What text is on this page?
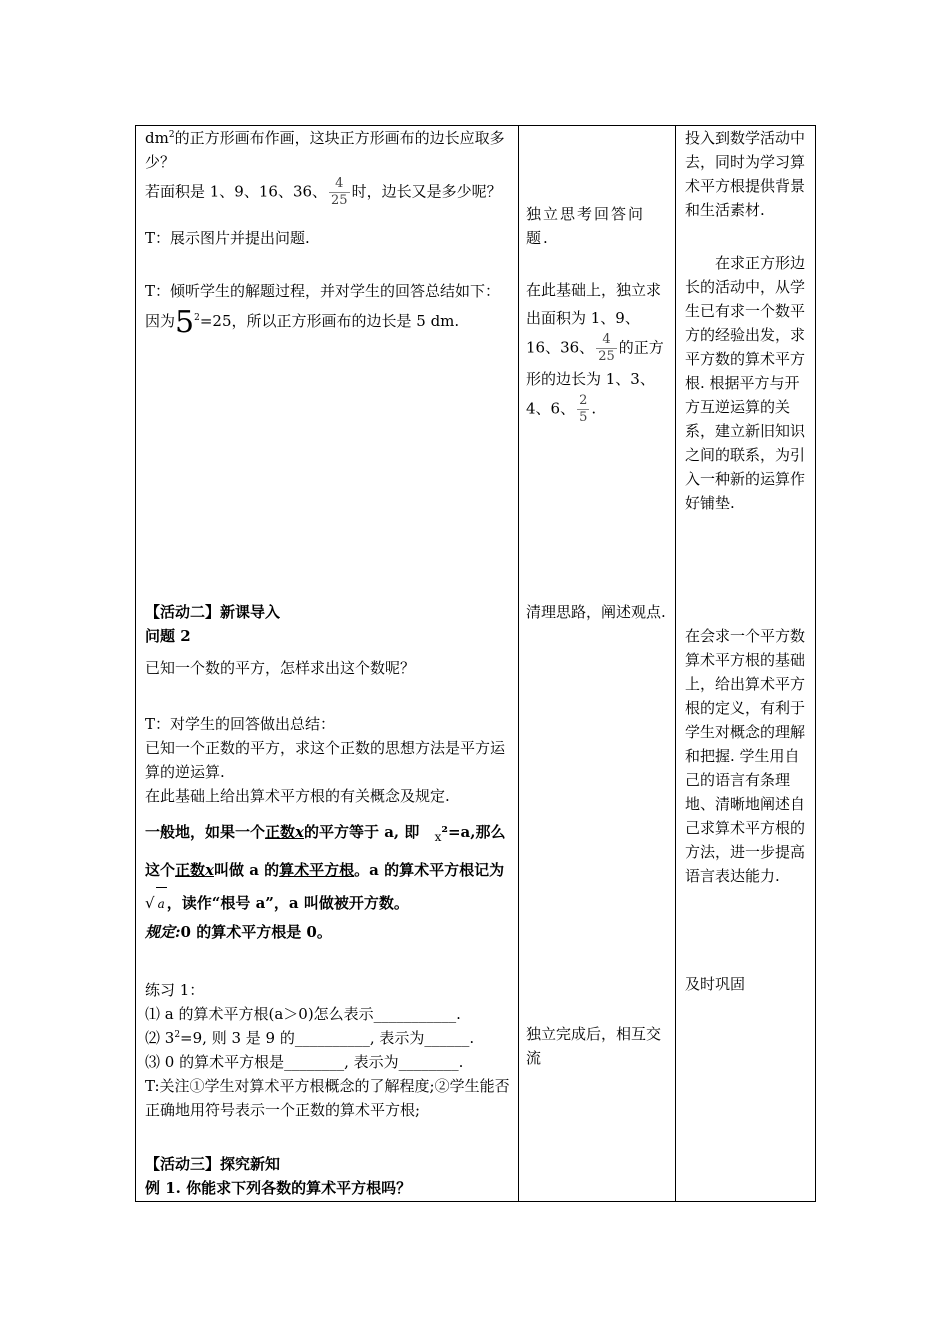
$dm^2$的正方形画布作画，这块正方形画布的边长应取多少？

若面积是 1、9、16、36、 $\frac{4}{25}$ 时，边长又是多少呢？

T：展示图片并提出问题.

T：倾听学生的解题过程，并对学生的回答总结如下：因为$5^2=25$，所以正方形画布的边长是 5 dm.
【活动二】新课导入
问题 2
已知一个数的平方，怎样求出这个数呢？
T：对学生的回答做出总结：
已知一个正数的平方，求这个正数的思想方法是平方运算的逆运算.
在此基础上给出算术平方根的有关概念及规定.
一般地，如果一个正数x的平方等于 a, 即 $_x$²=a,那么这个正数x叫做 a 的算术平方根。a 的算术平方根记为√ a ，读作“根号 a”，a 叫做被开方数。
规定:0 的算术平方根是 0。
练习 1：
⑴ a 的算术平方根(a＞0)怎么表示___________.
⑵ $3^2=9$, 则 3 是 9 的__________, 表示为______.
⑶ 0 的算术平方根是________, 表示为________.
T:关注①学生对算术平方根概念的了解程度;②学生能否正确地用符号表示一个正数的算术平方根;
【活动三】探究新知
例 1. 你能求下列各数的算术平方根吗？
独立思考回答问题.
在此基础上，独立求出面积为 1、9、16、36、 $\frac{4}{25}$ 的正方形的边长为 1、3、4、6、 $\frac{2}{5}$ .
清理思路，阐述观点.
独立完成后，相互交流
投入到数学活动中去，同时为学习算术平方根提供背景和生活素材.
在求正方形边长的活动中，从学生已有求一个数平方的经验出发，求平方数的算术平方根. 根据平方与开方互逆运算的关系，建立新旧知识之间的联系，为引入一种新的运算作好铺垫.
在会求一个平方数算术平方根的基础上，给出算术平方根的定义，有利于学生对概念的理解和把握. 学生用自己的语言有条理地、清晰地阐述自己求算术平方根的方法，进一步提高语言表达能力.
及时巩固
